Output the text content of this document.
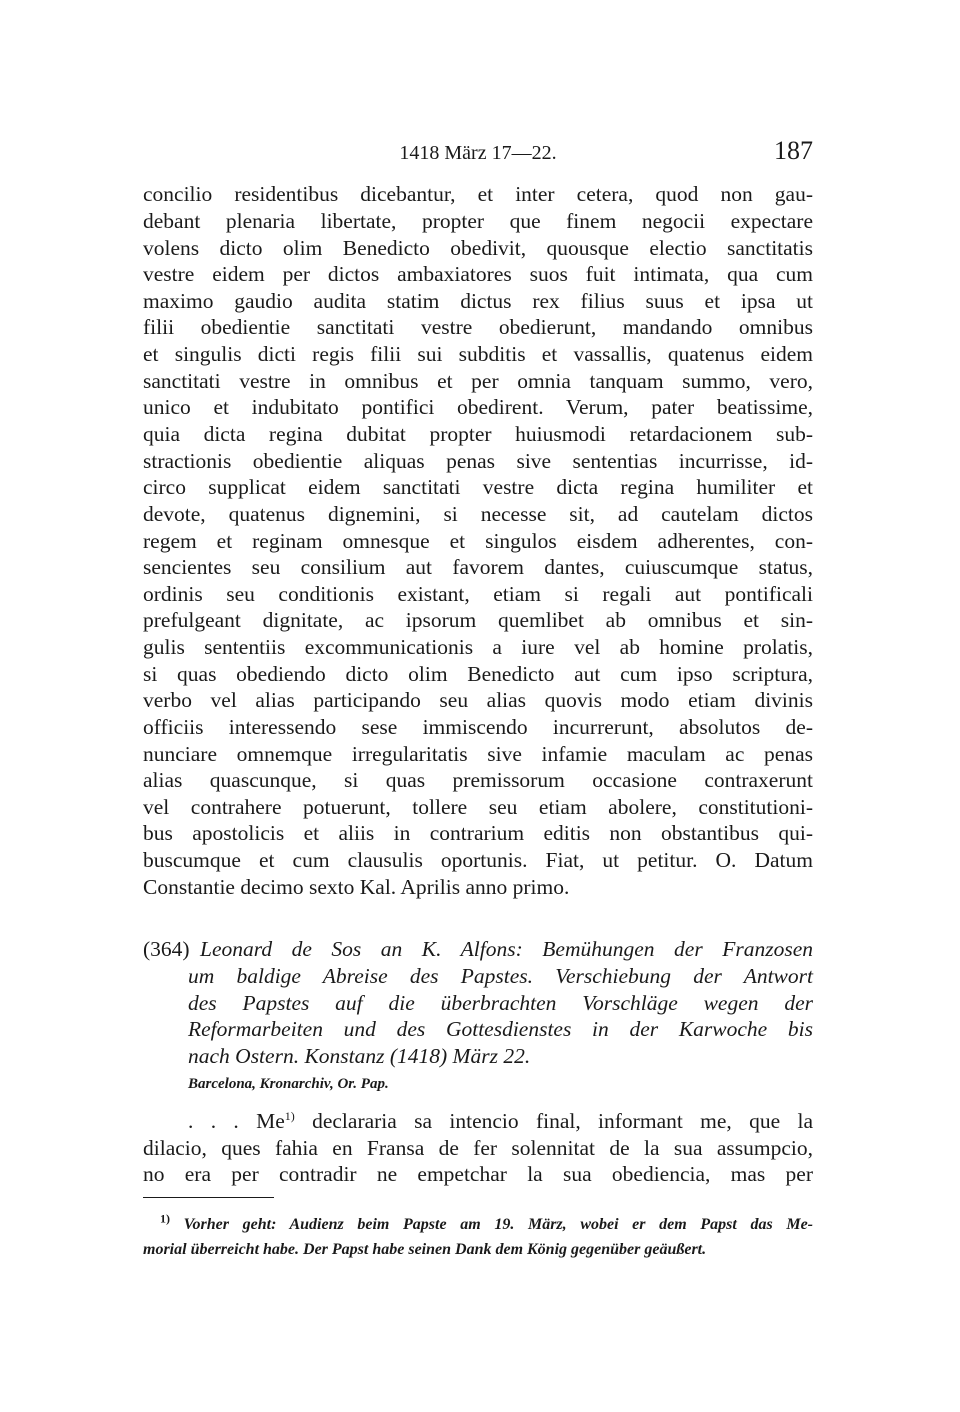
1418 März 17—22.	187
concilio residentibus dicebantur, et inter cetera, quod non gau-
debant plenaria libertate, propter que finem negocii expectare
volens dicto olim Benedicto obedivit, quousque electio sanctitatis
vestre eidem per dictos ambaxiatores suos fuit intimata, qua cum
maximo gaudio audita statim dictus rex filius suus et ipsa ut
filii obedientie sanctitati vestre obedierunt, mandando omnibus
et singulis dicti regis filii sui subditis et vassallis, quatenus eidem
sanctitati vestre in omnibus et per omnia tanquam summo, vero,
unico et indubitato pontifici obedirent. Verum, pater beatissime,
quia dicta regina dubitat propter huiusmodi retardacionem sub-
stractionis obedientie aliquas penas sive sententias incurrisse, id-
circo supplicat eidem sanctitati vestre dicta regina humiliter et
devote, quatenus dignemini, si necesse sit, ad cautelam dictos
regem et reginam omnesque et singulos eisdem adherentes, con-
sencientes seu consilium aut favorem dantes, cuiuscumque status,
ordinis seu conditionis existant, etiam si regali aut pontificali
prefulgeant dignitate, ac ipsorum quemlibet ab omnibus et sin-
gulis sententiis excommunicationis a iure vel ab homine prolatis,
si quas obediendo dicto olim Benedicto aut cum ipso scriptura,
verbo vel alias participando seu alias quovis modo etiam divinis
officiis interessendo sese immiscendo incurrerunt, absolutos de-
nunciare omnemque irregularitatis sive infamie maculam ac penas
alias quascunque, si quas premissorum occasione contraxerunt
vel contrahere potuerunt, tollere seu etiam abolere, constitutioni-
bus apostolicis et aliis in contrarium editis non obstantibus qui-
buscumque et cum clausulis oportunis. Fiat, ut petitur. O. Datum
Constantie decimo sexto Kal. Aprilis anno primo.
(364) Leonard de Sos an K. Alfons: Bemühungen der Franzosen
um baldige Abreise des Papstes. Verschiebung der Antwort
des Papstes auf die überbrachten Vorschläge wegen der
Reformarbeiten und des Gottesdienstes in der Karwoche bis
nach Ostern. Konstanz (1418) März 22.
Barcelona, Kronarchiv, Or. Pap.
. . . Me$^{1)}$ declararia sa intencio final, informant me, que la
dilacio, ques fahia en Fransa de fer solennitat de la sua assumpcio,
no era per contradir ne empetchar la sua obediencia, mas per
$^{1)}$ Vorher geht: Audienz beim Papste am 19. März, wobei er dem Papst das Me-
morial überreicht habe. Der Papst habe seinen Dank dem König gegenüber geäußert.
